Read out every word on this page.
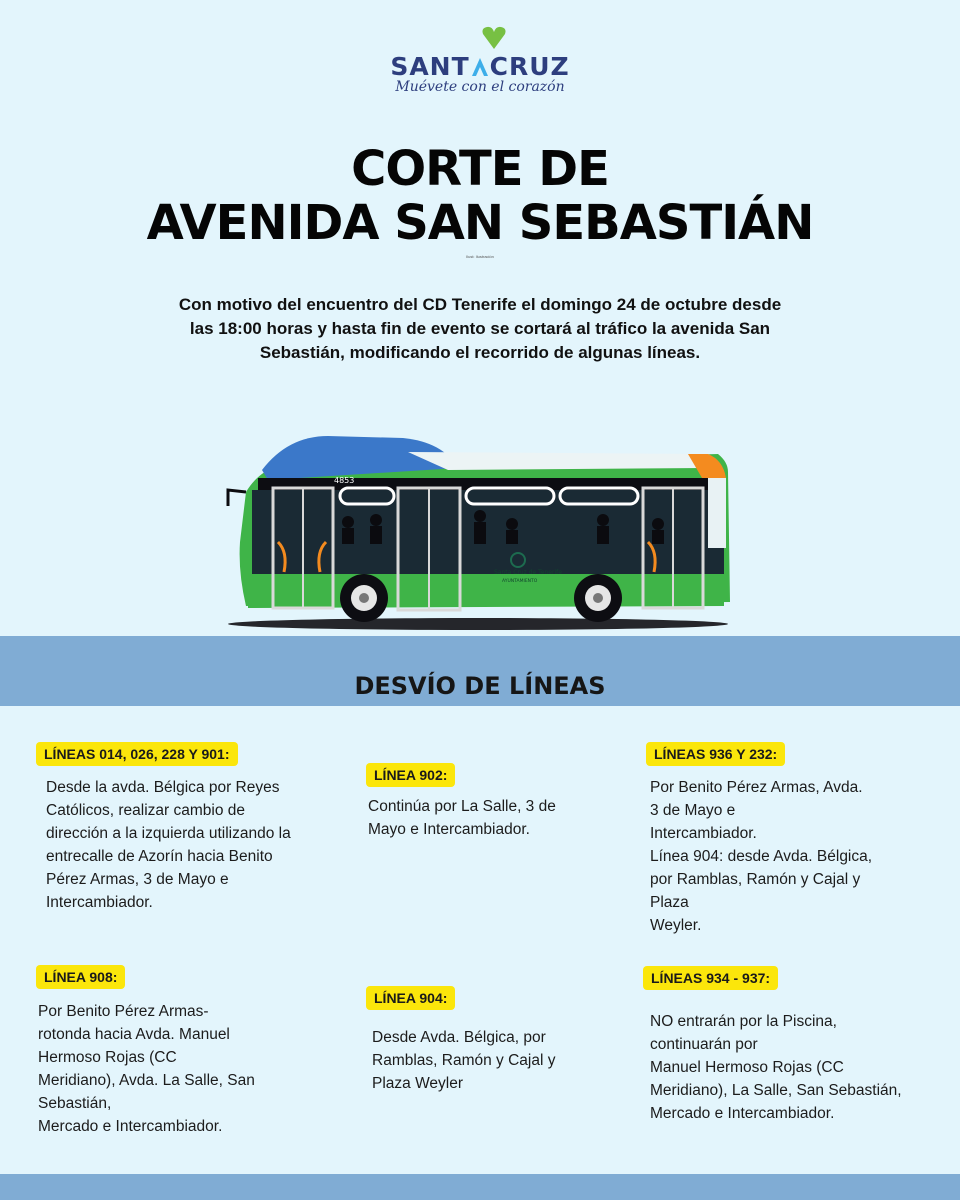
SANT CRUZ
Muévete con el corazón
CORTE DE
AVENIDA SAN SEBASTIÁN
Ilust: Ilustración
Con motivo del encuentro del CD Tenerife el domingo 24 de octubre desde las 18:00 horas y hasta fin de evento se cortará al tráfico la avenida San Sebastián, modificando el recorrido de algunas líneas.
4853
Santa Cruz de Tenerife
AYUNTAMIENTO
DESVÍO DE LÍNEAS
LÍNEAS 014, 026, 228 Y 901:
Desde la avda. Bélgica por Reyes
Católicos, realizar cambio de
dirección a la izquierda utilizando la
entrecalle de Azorín hacia Benito
Pérez Armas, 3 de Mayo e
Intercambiador.
LÍNEA 902:
Continúa por La Salle, 3 de
Mayo e Intercambiador.
LÍNEAS 936 Y 232:
Por Benito Pérez Armas, Avda.
3 de Mayo e
Intercambiador.
Línea 904: desde Avda. Bélgica,
por Ramblas, Ramón y Cajal y
Plaza
Weyler.
LÍNEA 908:
Por Benito Pérez Armas-
rotonda hacia Avda. Manuel
Hermoso Rojas (CC
Meridiano), Avda. La Salle, San
Sebastián,
Mercado e Intercambiador.
LÍNEA 904:
Desde Avda. Bélgica, por
Ramblas, Ramón y Cajal y
Plaza Weyler
LÍNEAS 934 - 937:
NO entrarán por la Piscina,
continuarán por
Manuel Hermoso Rojas (CC
Meridiano), La Salle, San Sebastián,
Mercado e Intercambiador.
